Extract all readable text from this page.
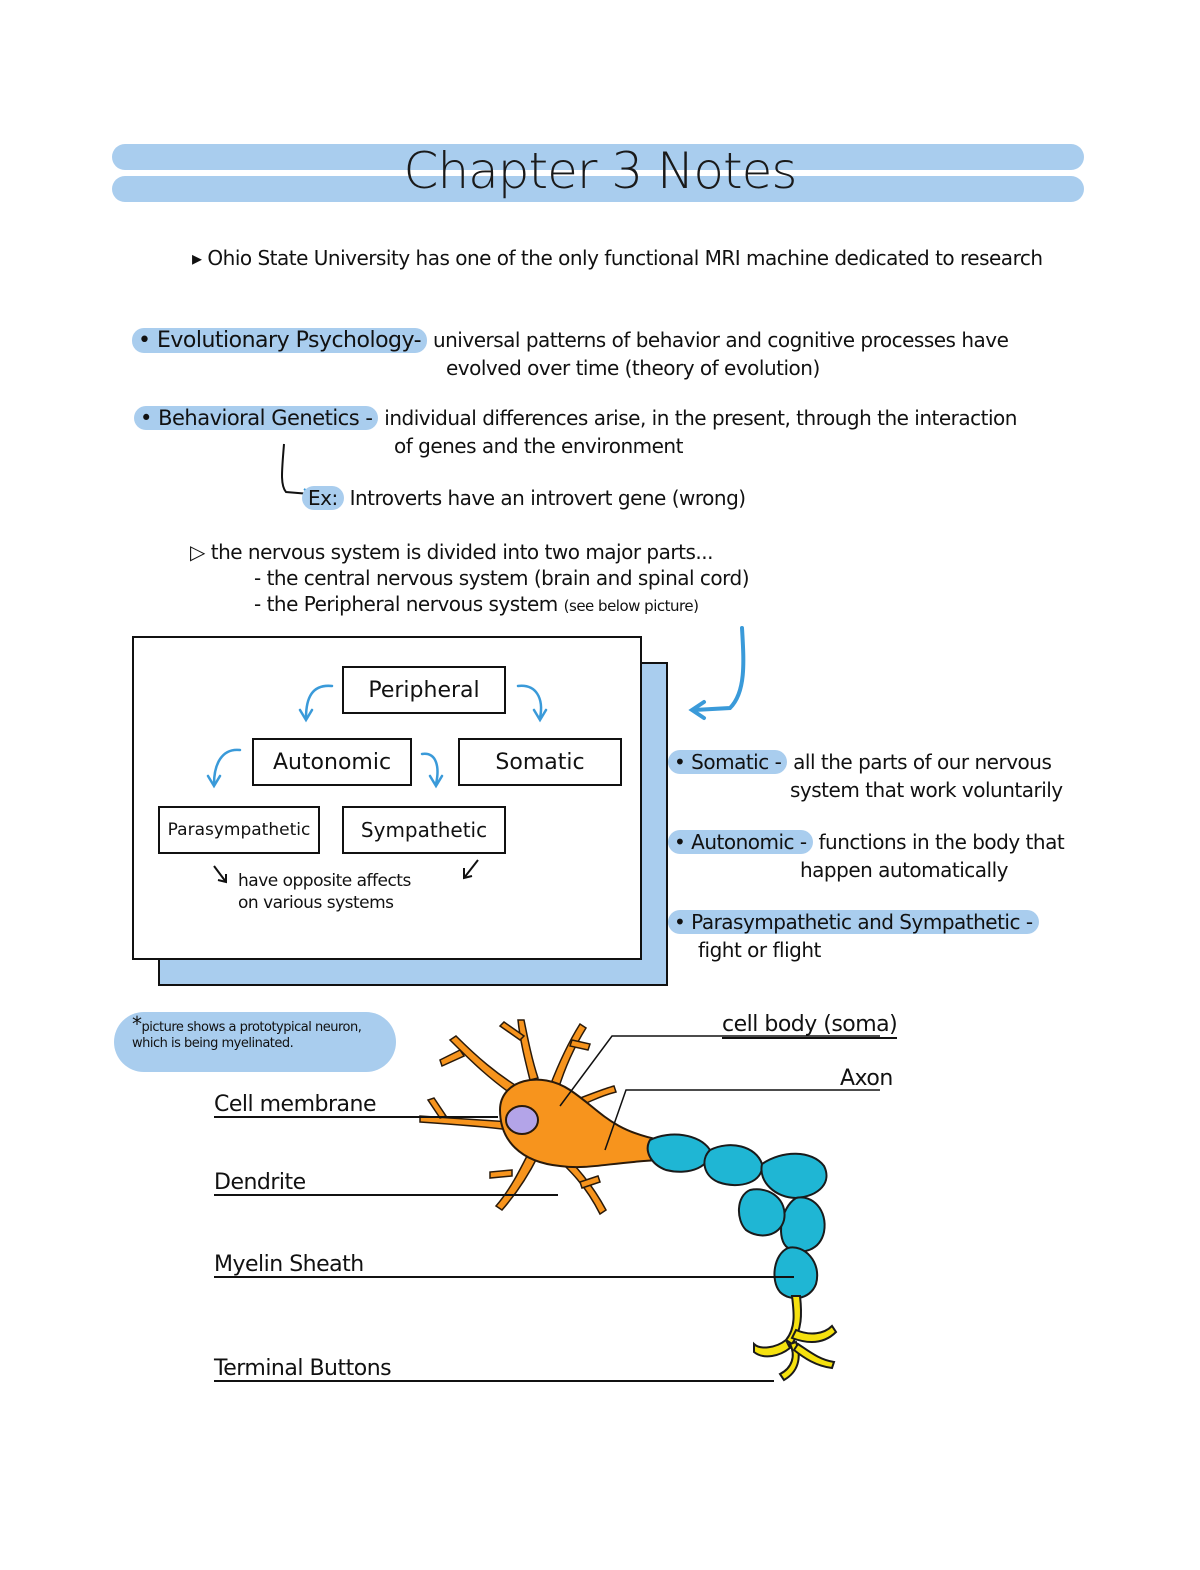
Chapter 3 Notes
▸ Ohio State University has one of the only functional MRI machine dedicated to research
• Evolutionary Psychology- universal patterns of behavior and cognitive processes have
evolved over time (theory of evolution)
• Behavioral Genetics - individual differences arise, in the present, through the interaction
of genes and the environment
Ex: Introverts have an introvert gene (wrong)
▷ the nervous system is divided into two major parts...
- the central nervous system (brain and spinal cord)
- the Peripheral nervous system (see below picture)
Peripheral
Autonomic	Somatic
Parasympathetic	Sympathetic
have opposite affects
on various systems
• Somatic - all the parts of our nervous
system that work voluntarily
• Autonomic - functions in the body that
happen automatically
• Parasympathetic and Sympathetic -
fight or flight
*picture shows a prototypical neuron, which is being myelinated.
cell body (soma)
Axon
Cell membrane
Dendrite
Myelin Sheath
Terminal Buttons
